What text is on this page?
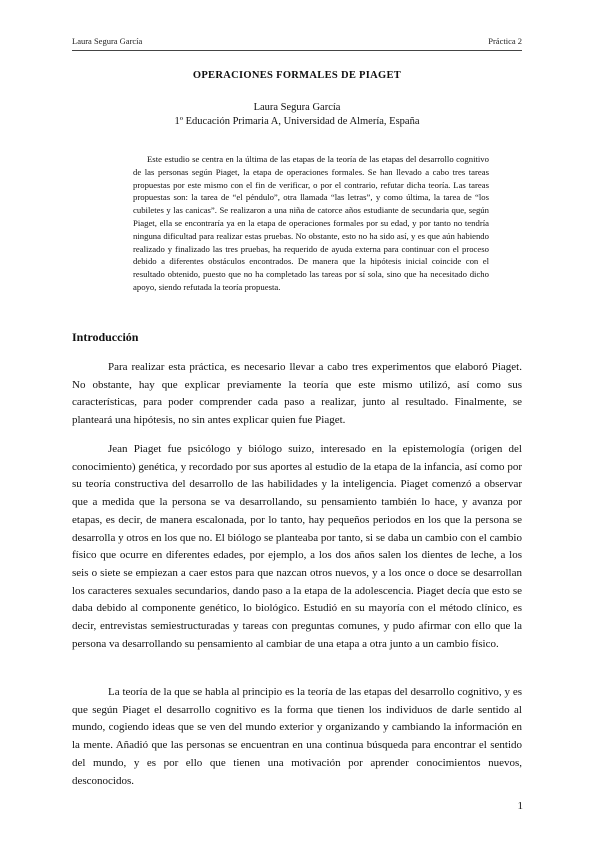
Laura Segura García	Práctica 2
OPERACIONES FORMALES DE PIAGET
Laura Segura García
1º Educación Primaria A, Universidad de Almería, España

Este estudio se centra en la última de las etapas de la teoría de las etapas del desarrollo cognitivo de las personas según Piaget, la etapa de operaciones formales. Se han llevado a cabo tres tareas propuestas por este mismo con el fin de verificar, o por el contrario, refutar dicha teoría. Las tareas propuestas son: la tarea de “el péndulo”, otra llamada “las letras”, y como última, la tarea de “los cubiletes y las canicas”. Se realizaron a una niña de catorce años estudiante de secundaria que, según Piaget, ella se encontraría ya en la etapa de operaciones formales por su edad, y por tanto no tendría ninguna dificultad para realizar estas pruebas. No obstante, esto no ha sido así, y es que aún habiendo realizado y finalizado las tres pruebas, ha requerido de ayuda externa para continuar con el proceso debido a diferentes obstáculos encontrados. De manera que la hipótesis inicial coincide con el resultado obtenido, puesto que no ha completado las tareas por sí sola, sino que ha necesitado dicho apoyo, siendo refutada la teoría propuesta.

Introducción

Para realizar esta práctica, es necesario llevar a cabo tres experimentos que elaboró Piaget. No obstante, hay que explicar previamente la teoría que este mismo utilizó, así como sus características, para poder comprender cada paso a realizar, junto al resultado. Finalmente, se planteará una hipótesis, no sin antes explicar quien fue Piaget.

Jean Piaget fue psicólogo y biólogo suizo, interesado en la epistemología (origen del conocimiento) genética, y recordado por sus aportes al estudio de la etapa de la infancia, así como por su teoría constructiva del desarrollo de las habilidades y la inteligencia. Piaget comenzó a observar que a medida que la persona se va desarrollando, su pensamiento también lo hace, y avanza por etapas, es decir, de manera escalonada, por lo tanto, hay pequeños periodos en los que la persona se desarrolla y otros en los que no. El biólogo se planteaba por tanto, si se daba un cambio con el cambio físico que ocurre en diferentes edades, por ejemplo, a los dos años salen los dientes de leche, a los seis o siete se empiezan a caer estos para que nazcan otros nuevos, y a los once o doce se desarrollan los caracteres sexuales secundarios, dando paso a la etapa de la adolescencia. Piaget decía que esto se daba debido al componente genético, lo biológico. Estudió en su mayoría con el método clínico, es decir, entrevistas semiestructuradas y tareas con preguntas comunes, y pudo afirmar con ello que la persona va desarrollando su pensamiento al cambiar de una etapa a otra junto a un cambio físico.

La teoría de la que se habla al principio es la teoría de las etapas del desarrollo cognitivo, y es que según Piaget el desarrollo cognitivo es la forma que tienen los individuos de darle sentido al mundo, cogiendo ideas que se ven del mundo exterior y organizando y cambiando la información en la mente. Añadió que las personas se encuentran en una continua búsqueda para encontrar el sentido del mundo, y es por ello que tienen una motivación por aprender conocimientos nuevos, desconocidos.

1
